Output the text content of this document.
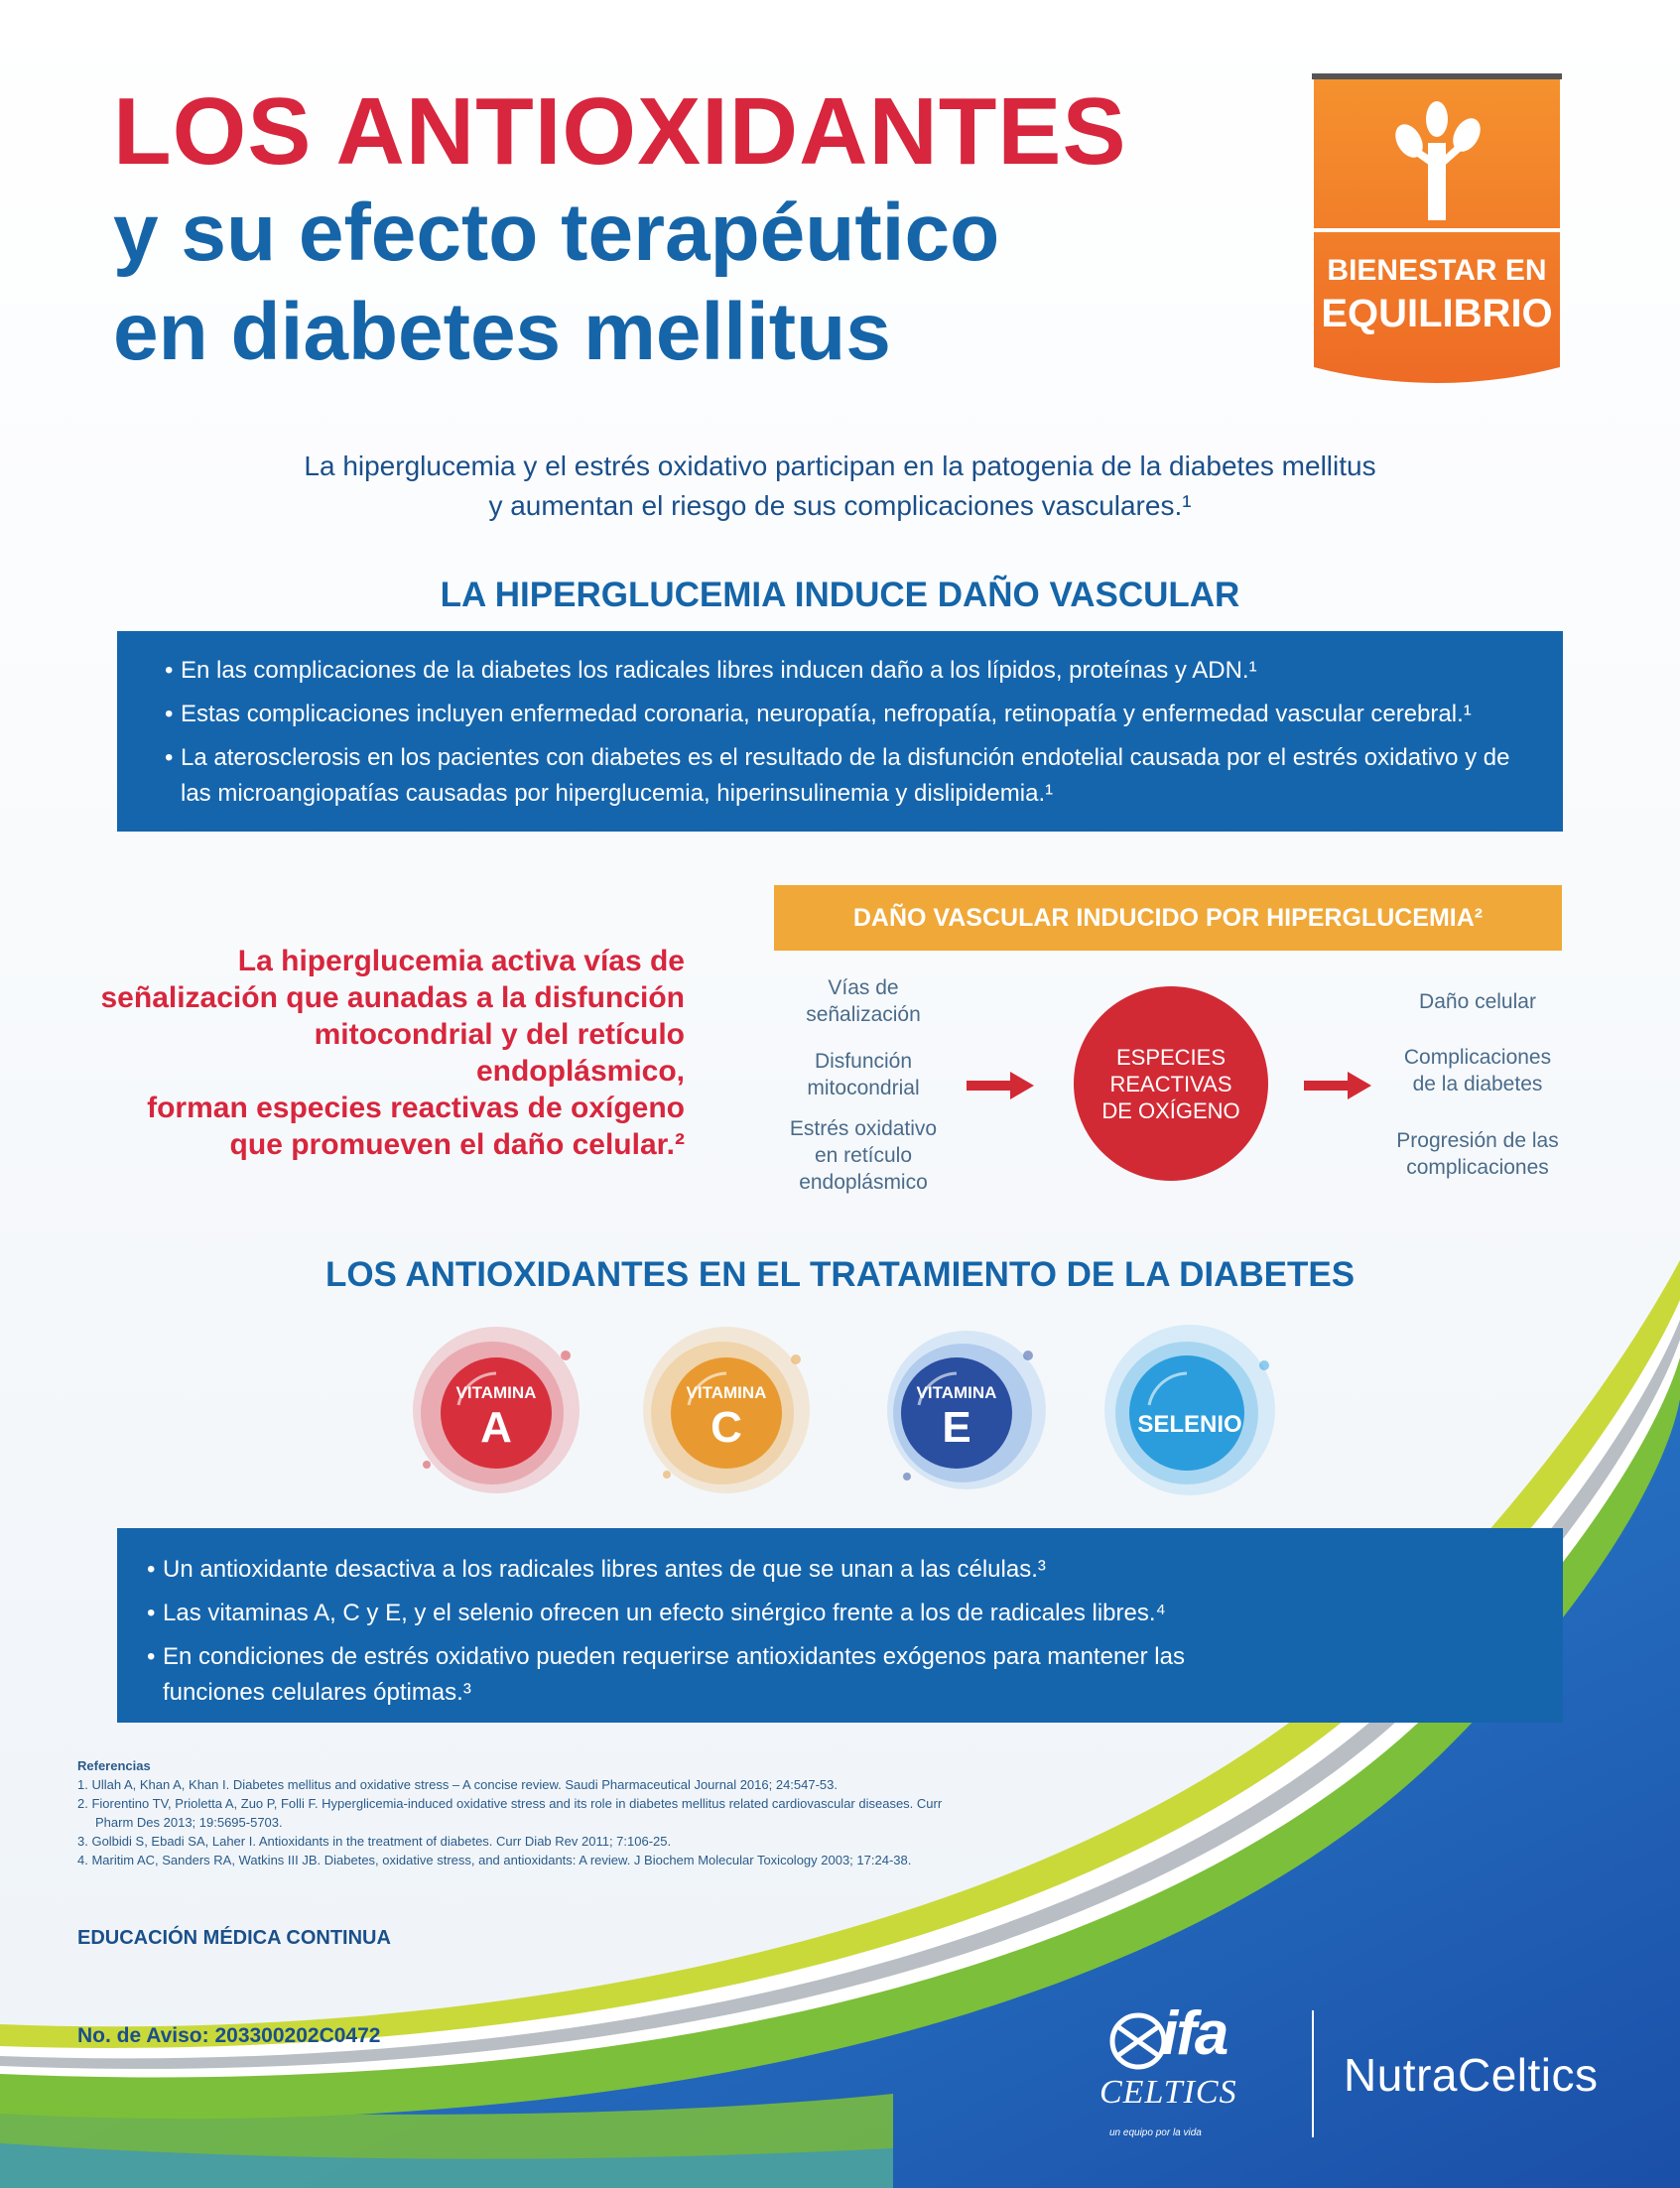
LOS ANTIOXIDANTES
y su efecto terapéutico
en diabetes mellitus
BIENESTAR EN
EQUILIBRIO
La hiperglucemia y el estrés oxidativo participan en la patogenia de la diabetes mellitus
y aumentan el riesgo de sus complicaciones vasculares.¹
LA HIPERGLUCEMIA INDUCE DAÑO VASCULAR
• En las complicaciones de la diabetes los radicales libres inducen daño a los lípidos, proteínas y ADN.¹
• Estas complicaciones incluyen enfermedad coronaria, neuropatía, nefropatía, retinopatía y enfermedad vascular cerebral.¹
• La aterosclerosis en los pacientes con diabetes es el resultado de la disfunción endotelial causada por el estrés oxidativo y de las microangiopatías causadas por hiperglucemia, hiperinsulinemia y dislipidemia.¹
La hiperglucemia activa vías de
señalización que aunadas a la disfunción
mitocondrial y del retículo endoplásmico,
forman especies reactivas de oxígeno
que promueven el daño celular.²
DAÑO VASCULAR INDUCIDO POR HIPERGLUCEMIA²
Vías de
señalización
Disfunción
mitocondrial
Estrés oxidativo
en retículo
endoplásmico
ESPECIES
REACTIVAS
DE OXÍGENO
Daño celular
Complicaciones
de la diabetes
Progresión de las
complicaciones
LOS ANTIOXIDANTES EN EL TRATAMIENTO DE LA DIABETES
VITAMINA
A
VITAMINA
C
VITAMINA
E	SELENIO
• Un antioxidante desactiva a los radicales libres antes de que se unan a las células.³
• Las vitaminas A, C y E, y el selenio ofrecen un efecto sinérgico frente a los de radicales libres.⁴
• En condiciones de estrés oxidativo pueden requerirse antioxidantes exógenos para mantener las funciones celulares óptimas.³
Referencias
1. Ullah A, Khan A, Khan I. Diabetes mellitus and oxidative stress – A concise review. Saudi Pharmaceutical Journal 2016; 24:547-53.
2. Fiorentino TV, Prioletta A, Zuo P, Folli F. Hyperglicemia-induced oxidative stress and its role in diabetes mellitus related cardiovascular diseases. Curr Pharm Des 2013; 19:5695-5703.
3. Golbidi S, Ebadi SA, Laher I. Antioxidants in the treatment of diabetes. Curr Diab Rev 2011; 7:106-25.
4. Maritim AC, Sanders RA, Watkins III JB. Diabetes, oxidative stress, and antioxidants: A review. J Biochem Molecular Toxicology 2003; 17:24-38.
EDUCACIÓN MÉDICA CONTINUA
No. de Aviso: 203300202C0472	ifa
CELTICS
un equipo por la vida
NutraCeltics
